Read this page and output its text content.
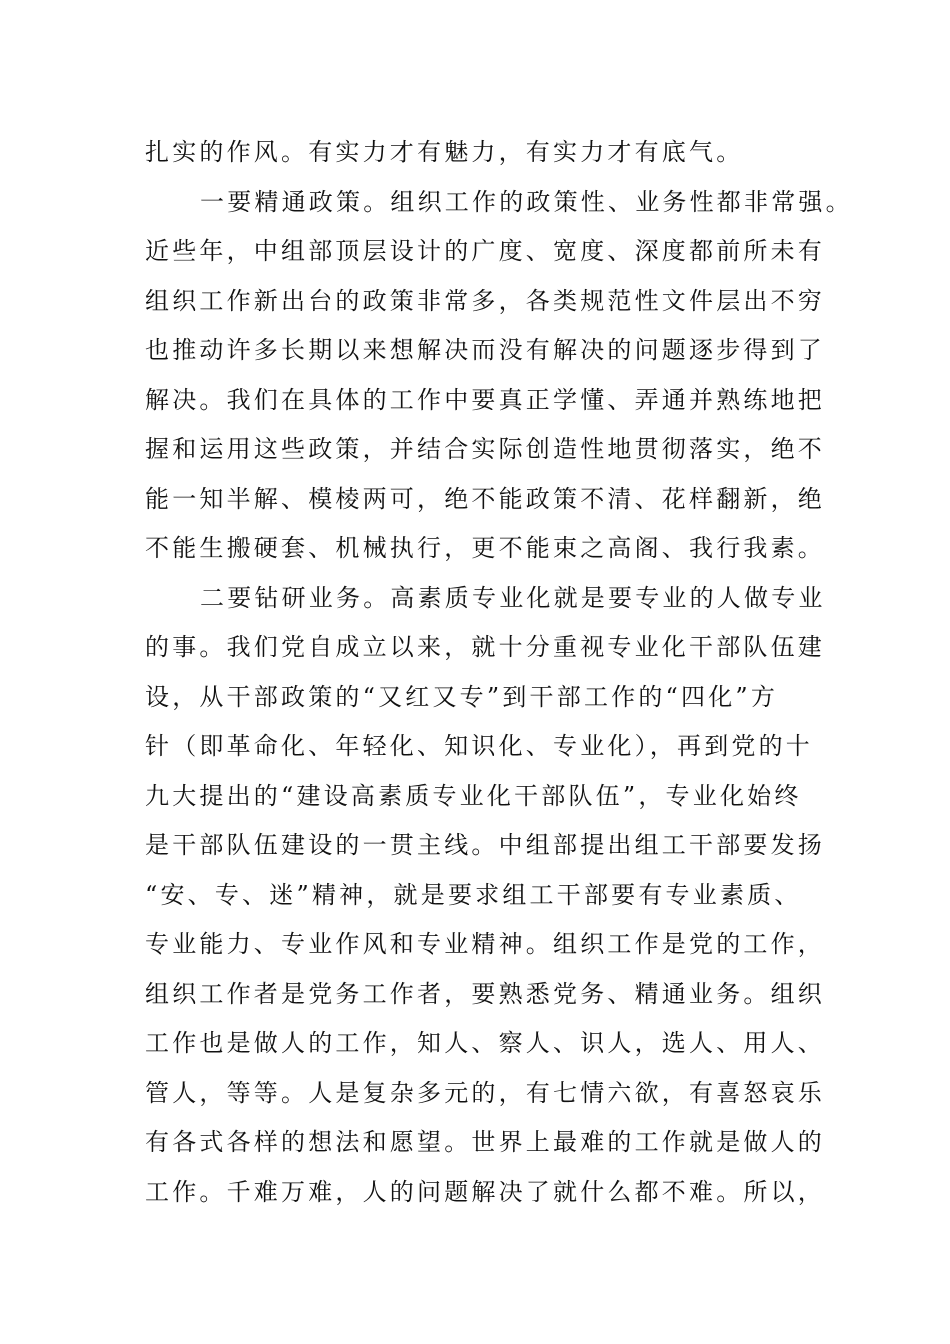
扎实的作风。有实力才有魅力，有实力才有底气。
一要精通政策。组织工作的政策性、业务性都非常强。
近些年，中组部顶层设计的广度、宽度、深度都前所未有
组织工作新出台的政策非常多，各类规范性文件层出不穷
也推动许多长期以来想解决而没有解决的问题逐步得到了
解决。我们在具体的工作中要真正学懂、弄通并熟练地把
握和运用这些政策，并结合实际创造性地贯彻落实，绝不
能一知半解、模棱两可，绝不能政策不清、花样翻新，绝
不能生搬硬套、机械执行，更不能束之高阁、我行我素。
二要钻研业务。高素质专业化就是要专业的人做专业
的事。我们党自成立以来，就十分重视专业化干部队伍建
设，从干部政策的“又红又专”到干部工作的“四化”方
针（即革命化、年轻化、知识化、专业化），再到党的十
九大提出的“建设高素质专业化干部队伍”，专业化始终
是干部队伍建设的一贯主线。中组部提出组工干部要发扬
“安、专、迷”精神，就是要求组工干部要有专业素质、
专业能力、专业作风和专业精神。组织工作是党的工作，
组织工作者是党务工作者，要熟悉党务、精通业务。组织
工作也是做人的工作，知人、察人、识人，选人、用人、
管人，等等。人是复杂多元的，有七情六欲，有喜怒哀乐
有各式各样的想法和愿望。世界上最难的工作就是做人的
工作。千难万难，人的问题解决了就什么都不难。所以，
